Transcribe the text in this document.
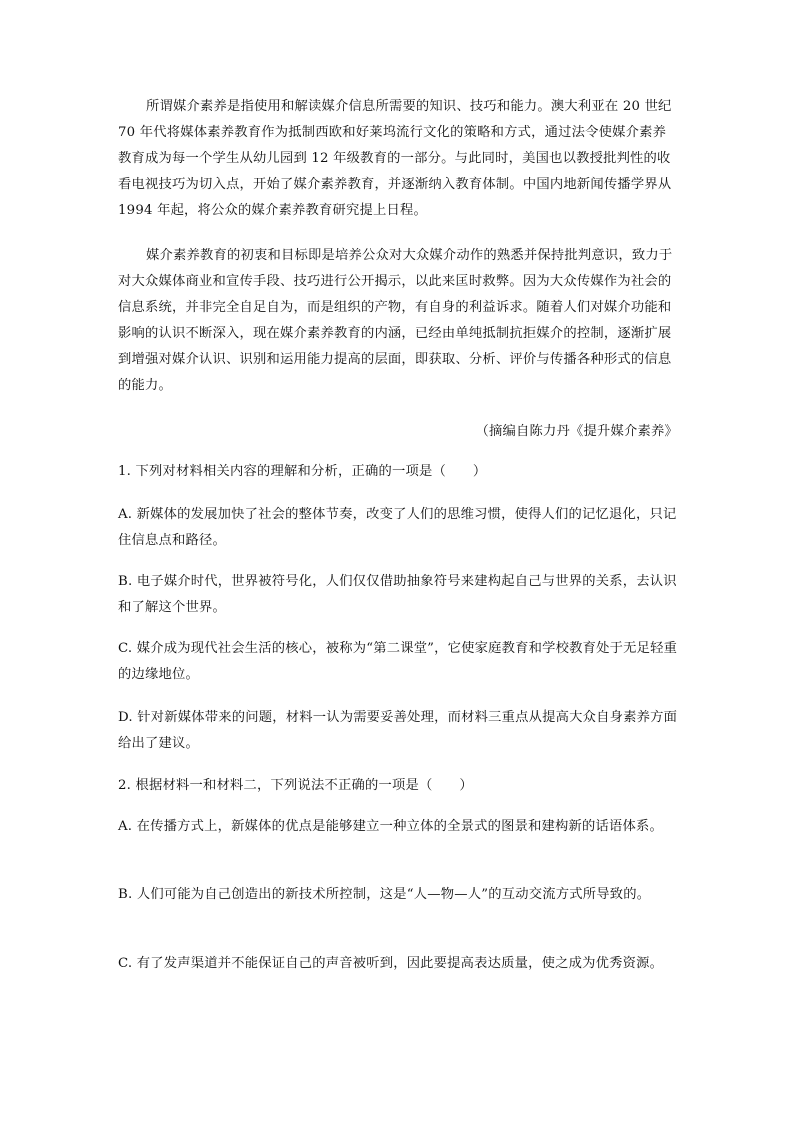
所谓媒介素养是指使用和解读媒介信息所需要的知识、技巧和能力。澳大利亚在 20 世纪 70 年代将媒体素养教育作为抵制西欧和好莱坞流行文化的策略和方式，通过法令使媒介素养教育成为每一个学生从幼儿园到 12 年级教育的一部分。与此同时，美国也以教授批判性的收看电视技巧为切入点，开始了媒介素养教育，并逐渐纳入教育体制。中国内地新闻传播学界从 1994 年起，将公众的媒介素养教育研究提上日程。

媒介素养教育的初衷和目标即是培养公众对大众媒介动作的熟悉并保持批判意识，致力于对大众媒体商业和宣传手段、技巧进行公开揭示，以此来匡时救弊。因为大众传媒作为社会的信息系统，并非完全自足自为，而是组织的产物，有自身的利益诉求。随着人们对媒介功能和影响的认识不断深入，现在媒介素养教育的内涵，已经由单纯抵制抗拒媒介的控制，逐渐扩展到增强对媒介认识、识别和运用能力提高的层面，即获取、分析、评价与传播各种形式的信息的能力。

（摘编自陈力丹《提升媒介素养》

1. 下列对材料相关内容的理解和分析，正确的一项是（　　）

A. 新媒体的发展加快了社会的整体节奏，改变了人们的思维习惯，使得人们的记忆退化，只记住信息点和路径。

B. 电子媒介时代，世界被符号化，人们仅仅借助抽象符号来建构起自己与世界的关系，去认识和了解这个世界。

C. 媒介成为现代社会生活的核心，被称为“第二课堂”，它使家庭教育和学校教育处于无足轻重的边缘地位。

D. 针对新媒体带来的问题，材料一认为需要妥善处理，而材料三重点从提高大众自身素养方面给出了建议。

2. 根据材料一和材料二，下列说法不正确的一项是（　　）

A. 在传播方式上，新媒体的优点是能够建立一种立体的全景式的图景和建构新的话语体系。

B. 人们可能为自己创造出的新技术所控制，这是“人—物—人”的互动交流方式所导致的。

C. 有了发声渠道并不能保证自己的声音被听到，因此要提高表达质量，使之成为优秀资源。
